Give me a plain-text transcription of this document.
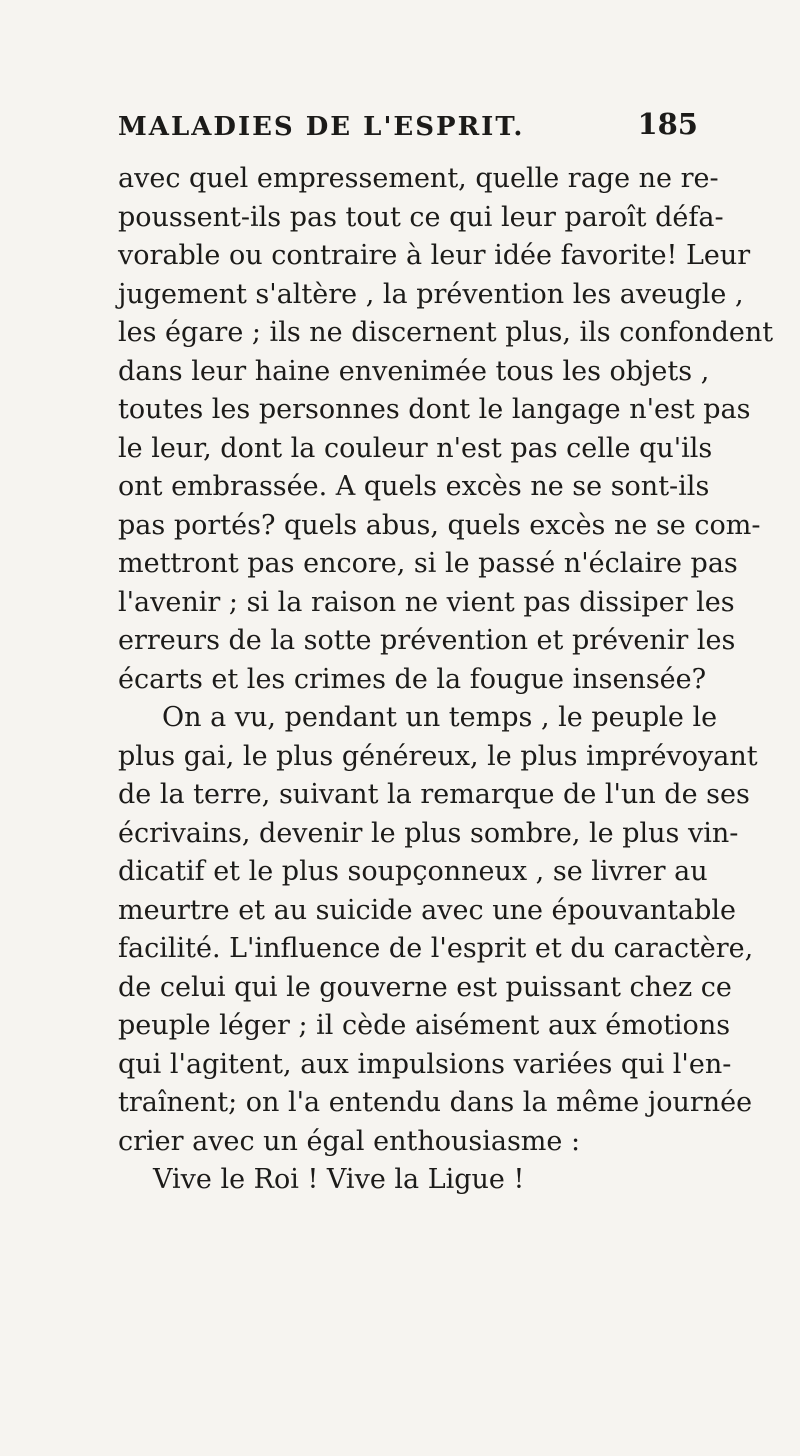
MALADIES DE L'ESPRIT.	185
avec quel empressement, quelle rage ne re-
poussent-ils pas tout ce qui leur paroît défa-
vorable ou contraire à leur idée favorite! Leur
jugement s'altère , la prévention les aveugle ,
les égare ; ils ne discernent plus, ils confondent
dans leur haine envenimée tous les objets ,
toutes les personnes dont le langage n'est pas
le leur, dont la couleur n'est pas celle qu'ils
ont embrassée. A quels excès ne se sont-ils
pas portés? quels abus, quels excès ne se com-
mettront pas encore, si le passé n'éclaire pas
l'avenir ; si la raison ne vient pas dissiper les
erreurs de la sotte prévention et prévenir les
écarts et les crimes de la fougue insensée?
On a vu, pendant un temps , le peuple le
plus gai, le plus généreux, le plus imprévoyant
de la terre, suivant la remarque de l'un de ses
écrivains, devenir le plus sombre, le plus vin-
dicatif et le plus soupçonneux , se livrer au
meurtre et au suicide avec une épouvantable
facilité. L'influence de l'esprit et du caractère,
de celui qui le gouverne est puissant chez ce
peuple léger ; il cède aisément aux émotions
qui l'agitent, aux impulsions variées qui l'en-
traînent; on l'a entendu dans la même journée
crier avec un égal enthousiasme :
Vive le Roi ! Vive la Ligue !
